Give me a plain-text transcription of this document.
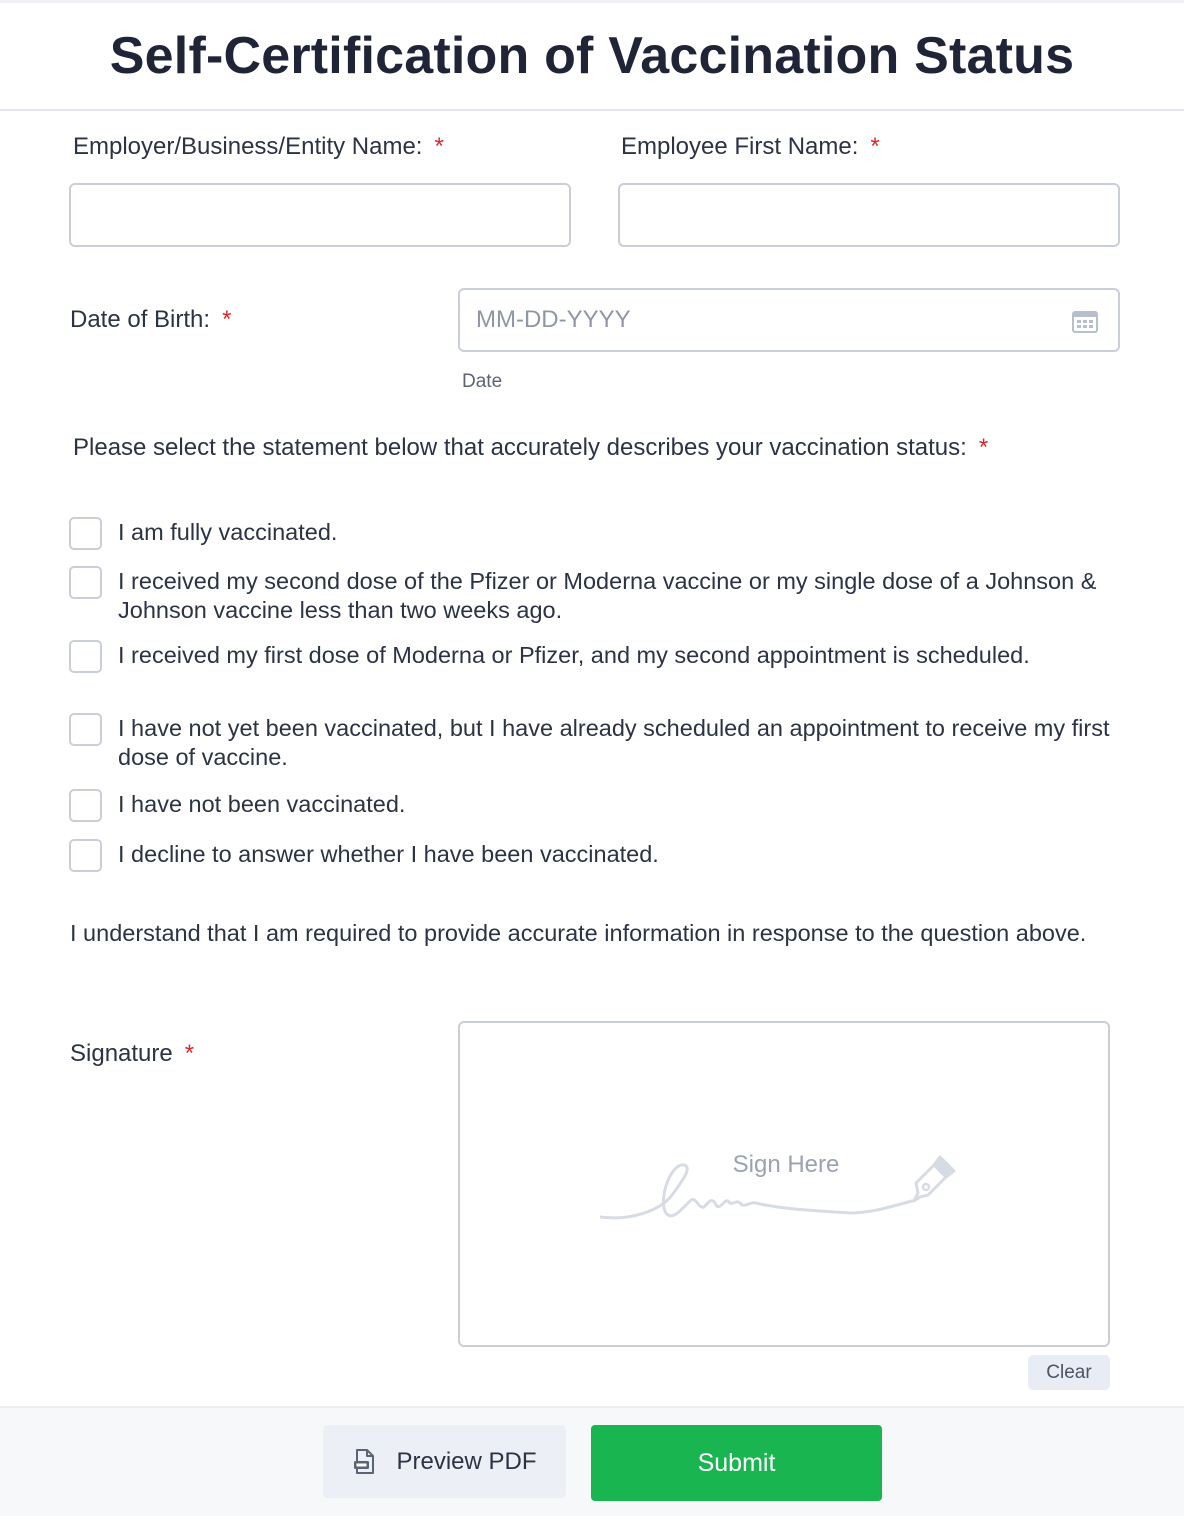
Self-Certification of Vaccination Status
Employer/Business/Entity Name: *	Employee First Name: *
Date of Birth: *	MM-DD-YYYY
Date
Please select the statement below that accurately describes your vaccination status: *
I am fully vaccinated.
I received my second dose of the Pfizer or Moderna vaccine or my single dose of a Johnson & Johnson vaccine less than two weeks ago.
I received my first dose of Moderna or Pfizer, and my second appointment is scheduled.
I have not yet been vaccinated, but I have already scheduled an appointment to receive my first dose of vaccine.
I have not been vaccinated.
I decline to answer whether I have been vaccinated.
I understand that I am required to provide accurate information in response to the question above.
Signature *
Sign Here
Clear
Preview PDF	Submit
